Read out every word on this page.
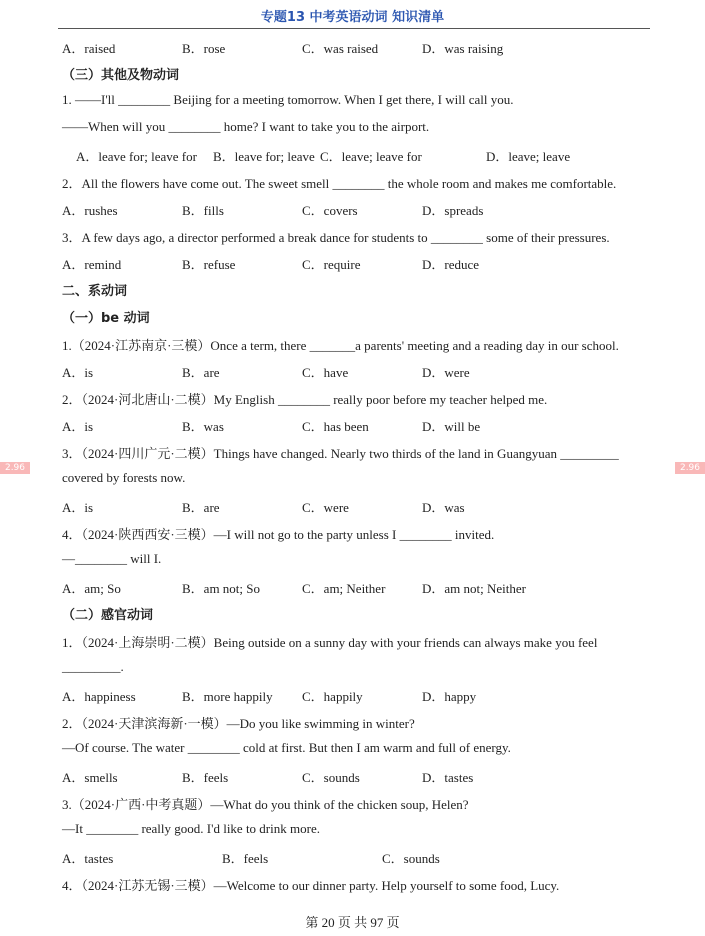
专题13 中考英语动词 知识清单
A．raised	B．rose	C．was raised	D．was raising
（三）其他及物动词
1. ——I'll ________ Beijing for a meeting tomorrow. When I get there, I will call you.
——When will you ________ home? I want to take you to the airport.
A．leave for; leave for B．leave for; leave C．leave; leave for	D．leave; leave
2．All the flowers have come out. The sweet smell ________ the whole room and makes me comfortable.
A．rushes	B．fills	C．covers	D．spreads
3．A few days ago, a director performed a break dance for students to ________ some of their pressures.
A．remind	B．refuse	C．require	D．reduce
二、系动词
（一）be 动词
1.（2024·江苏南京·三模）Once a term, there _______a parents' meeting and a reading day in our school.
A．is	B．are	C．have	D．were
2．（2024·河北唐山·二模）My English ________ really poor before my teacher helped me.
A．is	B．was	C．has been	D．will be
3．（2024·四川广元·二模）Things have changed. Nearly two thirds of the land in Guangyuan _________
covered by forests now.
A．is	B．are	C．were	D．was
2.96	2.96
4．（2024·陕西西安·三模）—I will not go to the party unless I ________ invited.
—________ will I.
A．am; So	B．am not; So	C．am; Neither	D．am not; Neither
（二）感官动词
1．（2024·上海崇明·二模）Being outside on a sunny day with your friends can always make you feel
_________.
A．happiness	B．more happily C．happily	D．happy
2．（2024·天津滨海新·一模）—Do you like swimming in winter?
—Of course. The water ________ cold at first. But then I am warm and full of energy.
A．smells	B．feels	C．sounds	D．tastes
3.（2024·广西·中考真题）—What do you think of the chicken soup, Helen?
—It ________ really good. I'd like to drink more.
A．tastes	B．feels	C．sounds
4．（2024·江苏无锡·三模）—Welcome to our dinner party. Help yourself to some food, Lucy.
第 20 页 共 97 页
